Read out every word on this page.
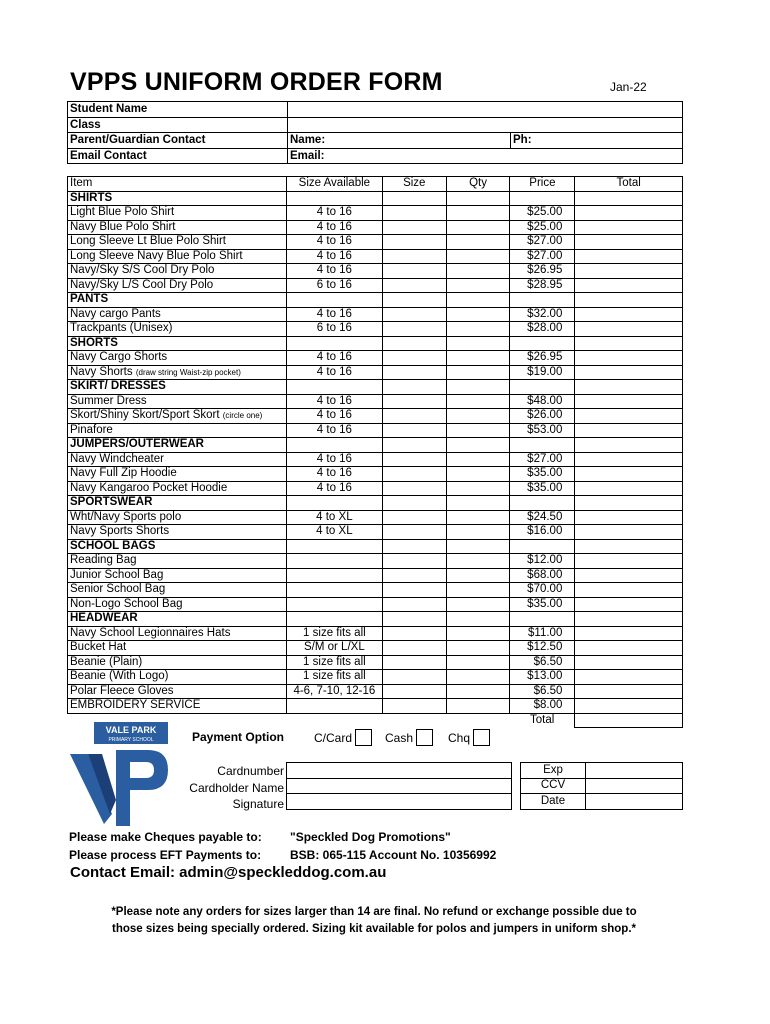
VPPS UNIFORM ORDER FORM	Jan-22
Student Name		
Class		
Parent/Guardian Contact	Name:	Ph:
Email Contact	Email:	
Item	Size Available	Size	Qty	Price	Total
SHIRTS					
Light Blue Polo Shirt	4 to 16			$25.00	
Navy Blue Polo Shirt	4 to 16			$25.00	
Long Sleeve Lt Blue Polo Shirt	4 to 16			$27.00	
Long Sleeve Navy Blue Polo Shirt	4 to 16			$27.00	
Navy/Sky S/S Cool Dry Polo	4 to 16			$26.95	
Navy/Sky L/S Cool Dry Polo	6 to 16			$28.95	
PANTS					
Navy cargo Pants	4 to 16			$32.00	
Trackpants (Unisex)	6 to 16			$28.00	
SHORTS					
Navy Cargo Shorts	4 to 16			$26.95	
Navy Shorts (draw string Waist-zip pocket)	4 to 16			$19.00	
SKIRT/ DRESSES					
Summer Dress	4 to 16			$48.00	
Skort/Shiny Skort/Sport Skort (circle one)	4 to 16			$26.00	
Pinafore	4 to 16			$53.00	
JUMPERS/OUTERWEAR					
Navy Windcheater	4 to 16			$27.00	
Navy Full Zip Hoodie	4 to 16			$35.00	
Navy Kangaroo Pocket Hoodie	4 to 16			$35.00	
SPORTSWEAR					
Wht/Navy Sports polo	4 to XL			$24.50	
Navy Sports Shorts	4 to XL			$16.00	
SCHOOL BAGS					
Reading Bag				$12.00	
Junior School Bag				$68.00	
Senior School Bag				$70.00	
Non-Logo School Bag				$35.00	
HEADWEAR					
Navy School Legionnaires Hats	1 size fits all			$11.00	
Bucket Hat	S/M or L/XL			$12.50	
Beanie (Plain)	1 size fits all			$6.50	
Beanie (With Logo)	1 size fits all			$13.00	
Polar Fleece Gloves	4-6, 7-10, 12-16			$6.50	
EMBROIDERY SERVICE				$8.00	
				Total	
VALE PARK
PRIMARY SCHOOL	Payment Option C/Card	Cash	Chq
Cardnumber
Cardholder Name
Signature
		Exp	
		CCV	
		Date	
Please make Cheques payable to: "Speckled Dog Promotions"
Please process EFT Payments to: BSB: 065-115 Account No. 10356992
Contact Email: admin@speckleddog.com.au
*Please note any orders for sizes larger than 14 are final. No refund or exchange possible due to
those sizes being specially ordered. Sizing kit available for polos and jumpers in uniform shop.*
